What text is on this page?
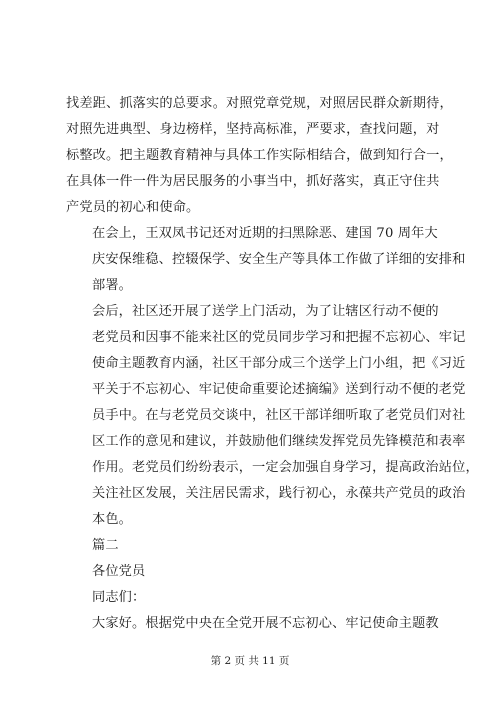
找差距、抓落实的总要求。对照党章党规，对照居民群众新期待，
对照先进典型、身边榜样，坚持高标准，严要求，查找问题，对
标整改。把主题教育精神与具体工作实际相结合，做到知行合一，
在具体一件一件为居民服务的小事当中，抓好落实，真正守住共
产党员的初心和使命。

在会上，王双凤书记还对近期的扫黑除恶、建国 70 周年大
庆安保维稳、控辍保学、安全生产等具体工作做了详细的安排和
部署。

会后，社区还开展了送学上门活动，为了让辖区行动不便的
老党员和因事不能来社区的党员同步学习和把握不忘初心、牢记
使命主题教育内涵，社区干部分成三个送学上门小组，把《习近
平关于不忘初心、牢记使命重要论述摘编》送到行动不便的老党
员手中。在与老党员交谈中，社区干部详细听取了老党员们对社
区工作的意见和建议，并鼓励他们继续发挥党员先锋模范和表率
作用。老党员们纷纷表示，一定会加强自身学习，提高政治站位，
关注社区发展，关注居民需求，践行初心，永葆共产党员的政治
本色。

篇二

各位党员

同志们：

大家好。根据党中央在全党开展不忘初心、牢记使命主题教

第 2 页 共 11 页
